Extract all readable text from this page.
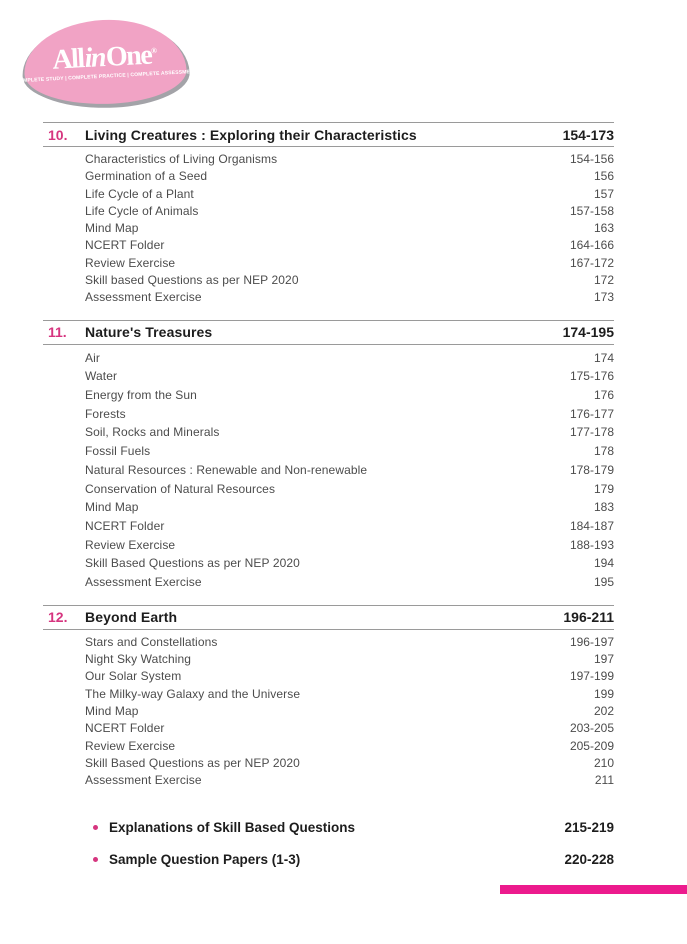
AllinOne®
COMPLETE STUDY | COMPLETE PRACTICE | COMPLETE ASSESSMENT
10.	Living Creatures : Exploring their Characteristics	154-173
Characteristics of Living Organisms	154-156
Germination of a Seed	156
Life Cycle of a Plant	157
Life Cycle of Animals	157-158
Mind Map	163
NCERT Folder	164-166
Review Exercise	167-172
Skill based Questions as per NEP 2020	172
Assessment Exercise	173
11.	Nature's Treasures	174-195
Air	174
Water	175-176
Energy from the Sun	176
Forests	176-177
Soil, Rocks and Minerals	177-178
Fossil Fuels	178
Natural Resources : Renewable and Non-renewable	178-179
Conservation of Natural Resources	179
Mind Map	183
NCERT Folder	184-187
Review Exercise	188-193
Skill Based Questions as per NEP 2020	194
Assessment Exercise	195
12.	Beyond Earth	196-211
Stars and Constellations	196-197
Night Sky Watching	197
Our Solar System	197-199
The Milky-way Galaxy and the Universe	199
Mind Map	202
NCERT Folder	203-205
Review Exercise	205-209
Skill Based Questions as per NEP 2020	210
Assessment Exercise	211
Explanations of Skill Based Questions	215-219
Sample Question Papers (1-3)	220-228
